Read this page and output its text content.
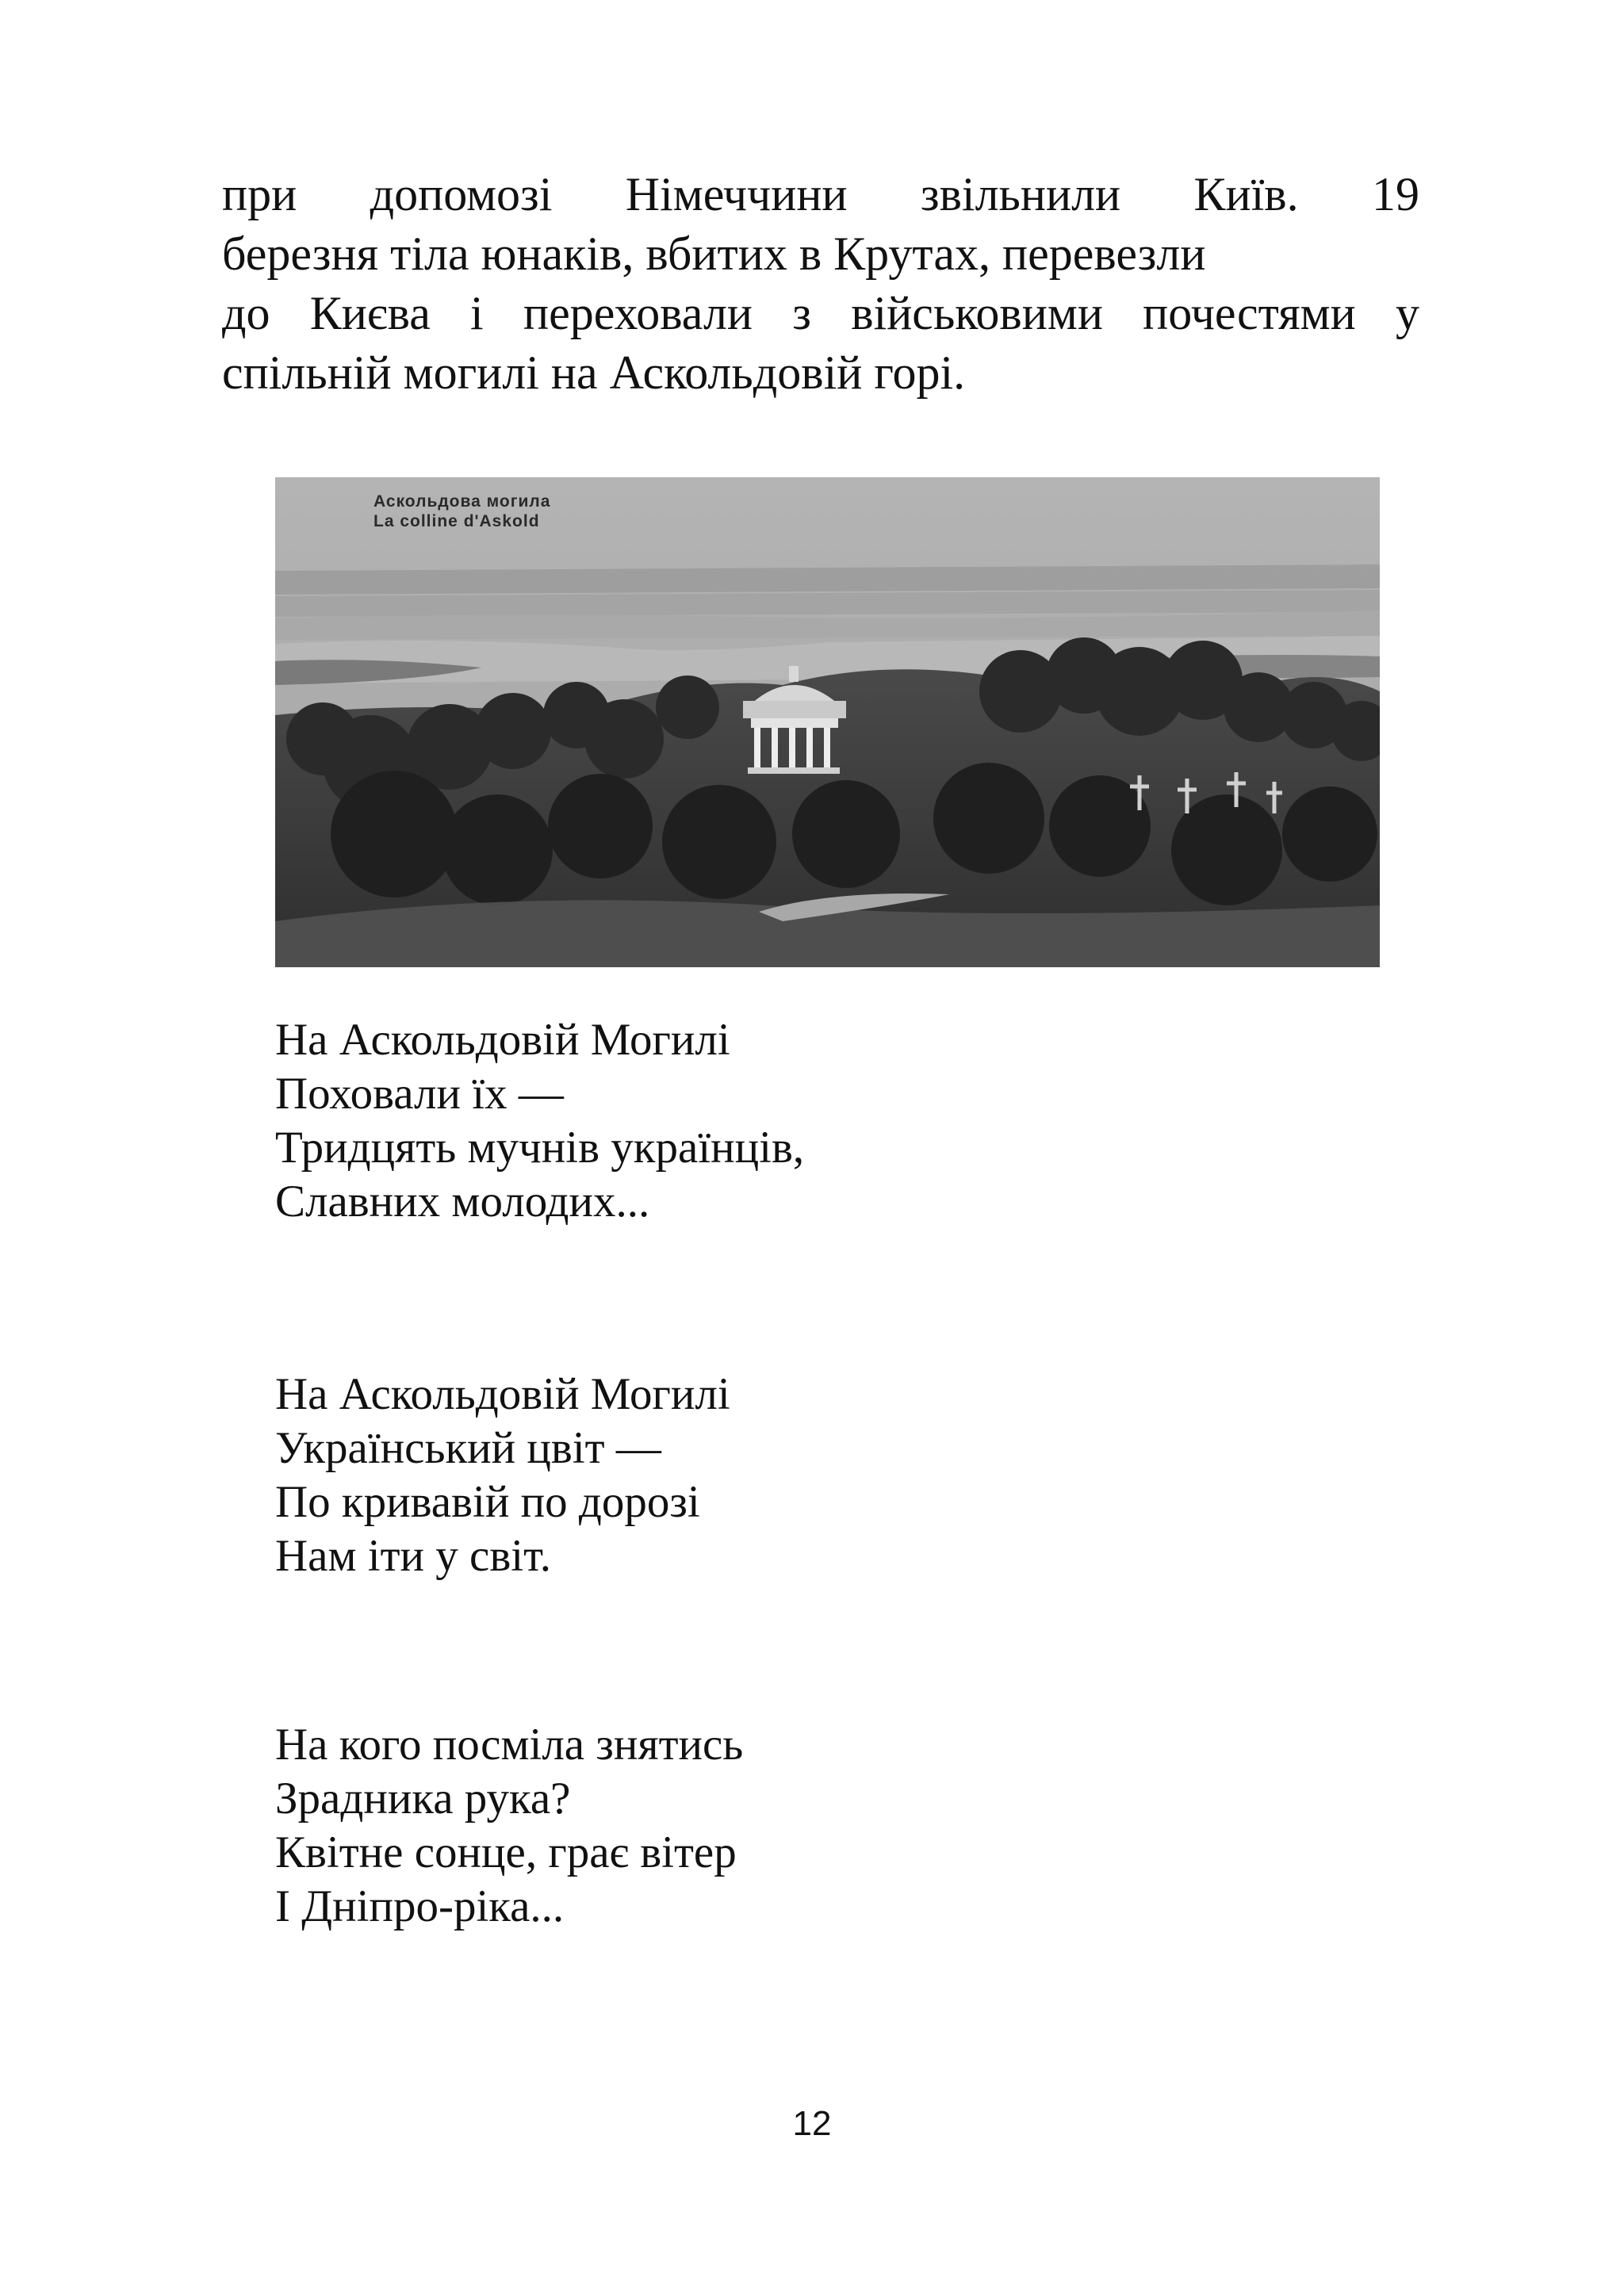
при допомозі Німеччини звільнили Київ. 19
березня тіла юнаків, вбитих в Крутах, перевезли
до Києва і переховали з військовими почестями у
спільній могилі на Аскольдовій горі.
Аскольдова могила
La colline d'Askold
На Аскольдовій Могилі
Поховали їх —
Тридцять мучнів українців,
Славних молодих...
На Аскольдовій Могилі
Український цвіт —
По кривавій по дорозі
Нам іти у світ.
На кого посміла знятись
Зрадника рука?
Квітне сонце, грає вітер
І Дніпро-ріка...
12
